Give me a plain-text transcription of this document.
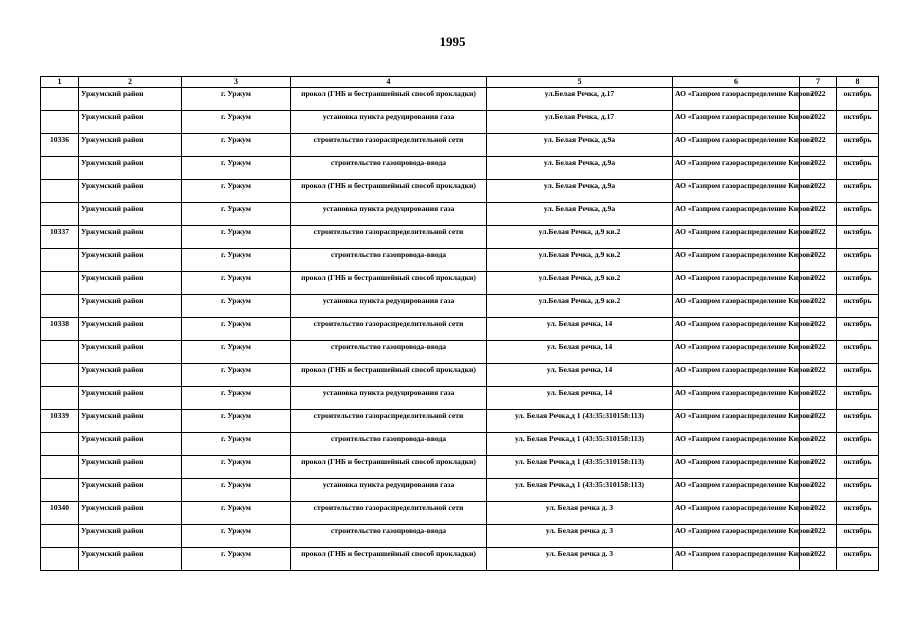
1995
1	2	3	4	5	6	7	8
	Уржумский район	г. Уржум	прокол (ГНБ и бестраншейный способ прокладки)	ул.Белая Речка, д.17	АО «Газпром газораспределение Киров»	2022	октябрь
	Уржумский район	г. Уржум	установка пункта редуцирования газа	ул.Белая Речка, д.17	АО «Газпром газораспределение Киров»	2022	октябрь
10336	Уржумский район	г. Уржум	строительство газораспределительной сети	ул. Белая Речка, д.9а	АО «Газпром газораспределение Киров»	2022	октябрь
	Уржумский район	г. Уржум	строительство газопровода-ввода	ул. Белая Речка, д.9а	АО «Газпром газораспределение Киров»	2022	октябрь
	Уржумский район	г. Уржум	прокол (ГНБ и бестраншейный способ прокладки)	ул. Белая Речка, д.9а	АО «Газпром газораспределение Киров»	2022	октябрь
	Уржумский район	г. Уржум	установка пункта редуцирования газа	ул. Белая Речка, д.9а	АО «Газпром газораспределение Киров»	2022	октябрь
10337	Уржумский район	г. Уржум	строительство газораспределительной сети	ул.Белая Речка, д.9 кв.2	АО «Газпром газораспределение Киров»	2022	октябрь
	Уржумский район	г. Уржум	строительство газопровода-ввода	ул.Белая Речка, д.9 кв.2	АО «Газпром газораспределение Киров»	2022	октябрь
	Уржумский район	г. Уржум	прокол (ГНБ и бестраншейный способ прокладки)	ул.Белая Речка, д.9 кв.2	АО «Газпром газораспределение Киров»	2022	октябрь
	Уржумский район	г. Уржум	установка пункта редуцирования газа	ул.Белая Речка, д.9 кв.2	АО «Газпром газораспределение Киров»	2022	октябрь
10338	Уржумский район	г. Уржум	строительство газораспределительной сети	ул. Белая речка, 14	АО «Газпром газораспределение Киров»	2022	октябрь
	Уржумский район	г. Уржум	строительство газопровода-ввода	ул. Белая речка, 14	АО «Газпром газораспределение Киров»	2022	октябрь
	Уржумский район	г. Уржум	прокол (ГНБ и бестраншейный способ прокладки)	ул. Белая речка, 14	АО «Газпром газораспределение Киров»	2022	октябрь
	Уржумский район	г. Уржум	установка пункта редуцирования газа	ул. Белая речка, 14	АО «Газпром газораспределение Киров»	2022	октябрь
10339	Уржумский район	г. Уржум	строительство газораспределительной сети	ул. Белая Речка,д 1 (43:35:310158:113)	АО «Газпром газораспределение Киров»	2022	октябрь
	Уржумский район	г. Уржум	строительство газопровода-ввода	ул. Белая Речка,д 1 (43:35:310158:113)	АО «Газпром газораспределение Киров»	2022	октябрь
	Уржумский район	г. Уржум	прокол (ГНБ и бестраншейный способ прокладки)	ул. Белая Речка,д 1 (43:35:310158:113)	АО «Газпром газораспределение Киров»	2022	октябрь
	Уржумский район	г. Уржум	установка пункта редуцирования газа	ул. Белая Речка,д 1 (43:35:310158:113)	АО «Газпром газораспределение Киров»	2022	октябрь
10340	Уржумский район	г. Уржум	строительство газораспределительной сети	ул. Белая речка д. 3	АО «Газпром газораспределение Киров»	2022	октябрь
	Уржумский район	г. Уржум	строительство газопровода-ввода	ул. Белая речка д. 3	АО «Газпром газораспределение Киров»	2022	октябрь
	Уржумский район	г. Уржум	прокол (ГНБ и бестраншейный способ прокладки)	ул. Белая речка д. 3	АО «Газпром газораспределение Киров»	2022	октябрь
